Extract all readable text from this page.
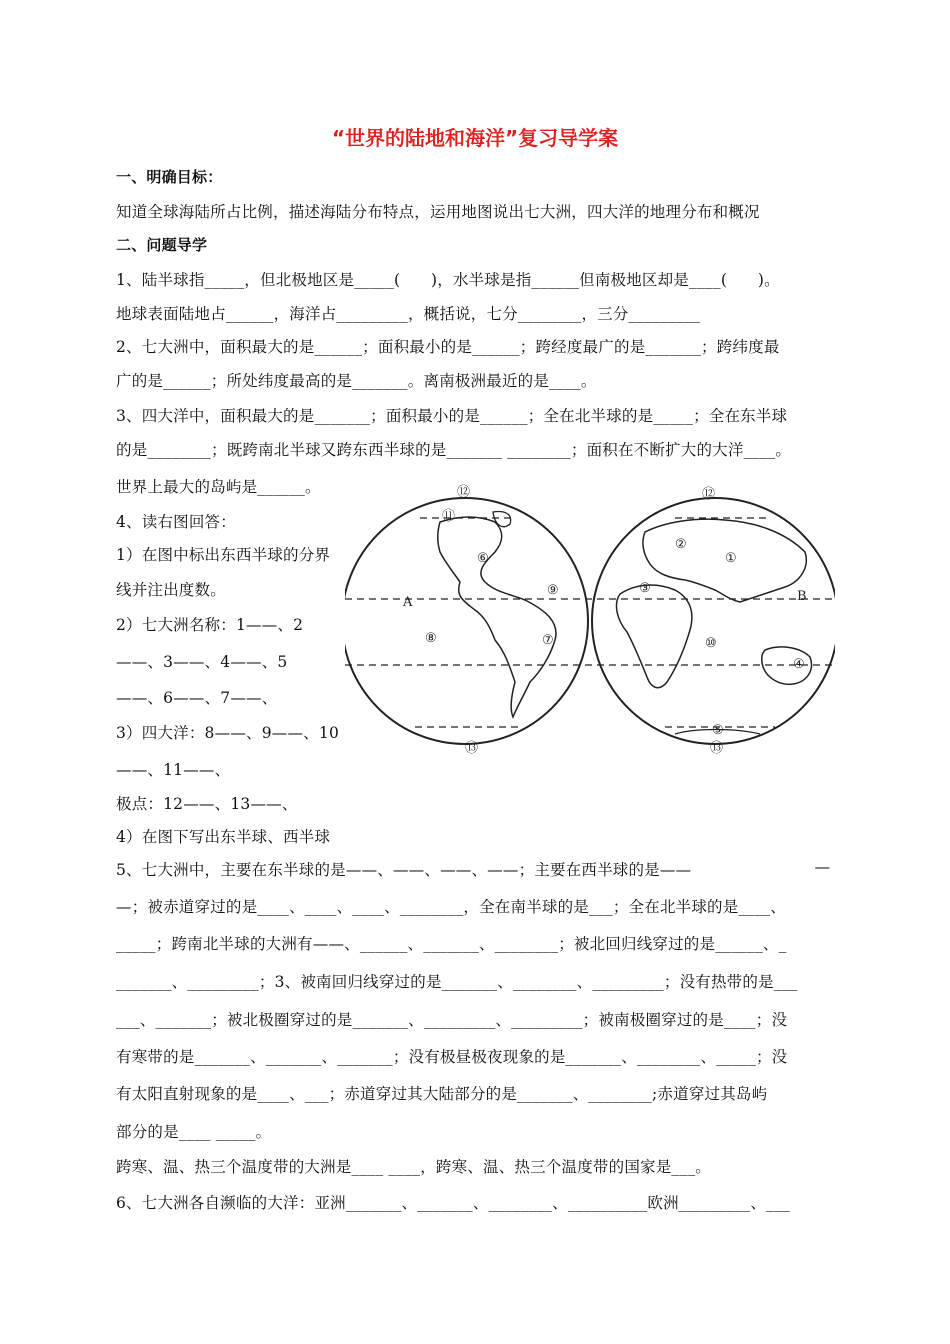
“世界的陆地和海洋”复习导学案
一、明确目标：
知道全球海陆所占比例，描述海陆分布特点，运用地图说出七大洲，四大洋的地理分布和概况
二、问题导学
1、陆半球指_____，但北极地区是_____(      )，水半球是指______但南极地区却是____(      )。
地球表面陆地占______，海洋占_________，概括说，七分________，三分_________
2、七大洲中，面积最大的是______；面积最小的是______；跨经度最广的是_______；跨纬度最
广的是______；所处纬度最高的是_______。离南极洲最近的是____。
3、四大洋中，面积最大的是_______；面积最小的是______；全在北半球的是_____；全在东半球
的是________；既跨南北半球又跨东西半球的是_______ ________；面积在不断扩大的大洋____。
世界上最大的岛屿是______。
4、读右图回答：
1）在图中标出东西半球的分界
线并注出度数。
2）七大洲名称：1——、2
——、3——、4——、5
——、6——、7——、
3）四大洋：8——、9——、10
——、11——、
极点：12——、13——、
4）在图下写出东半球、西半球
⑫
⑪
⑥
⑨
A
⑧	⑦
⑬
⑫
②
①
③
⑩
B
④
⑤
⑬
5、七大洲中，主要在东半球的是——、——、——、——；主要在西半球的是——	—
—；被赤道穿过的是____、____、____、________，全在南半球的是___；全在北半球的是____、
_____；跨南北半球的大洲有——、______、_______、________；被北回归线穿过的是______、_
_______、_________；3、被南回归线穿过的是_______、________、_________；没有热带的是___
___、_______；被北极圈穿过的是_______、_________、_________；被南极圈穿过的是____；没
有寒带的是_______、_______、_______；没有极昼极夜现象的是_______、________、_____；没
有太阳直射现象的是____、___；赤道穿过其大陆部分的是_______、________;赤道穿过其岛屿
部分的是____ _____。
跨寒、温、热三个温度带的大洲是____ ____，跨寒、温、热三个温度带的国家是___。
6、七大洲各自濒临的大洋：亚洲_______、_______、________、__________欧洲_________、___
